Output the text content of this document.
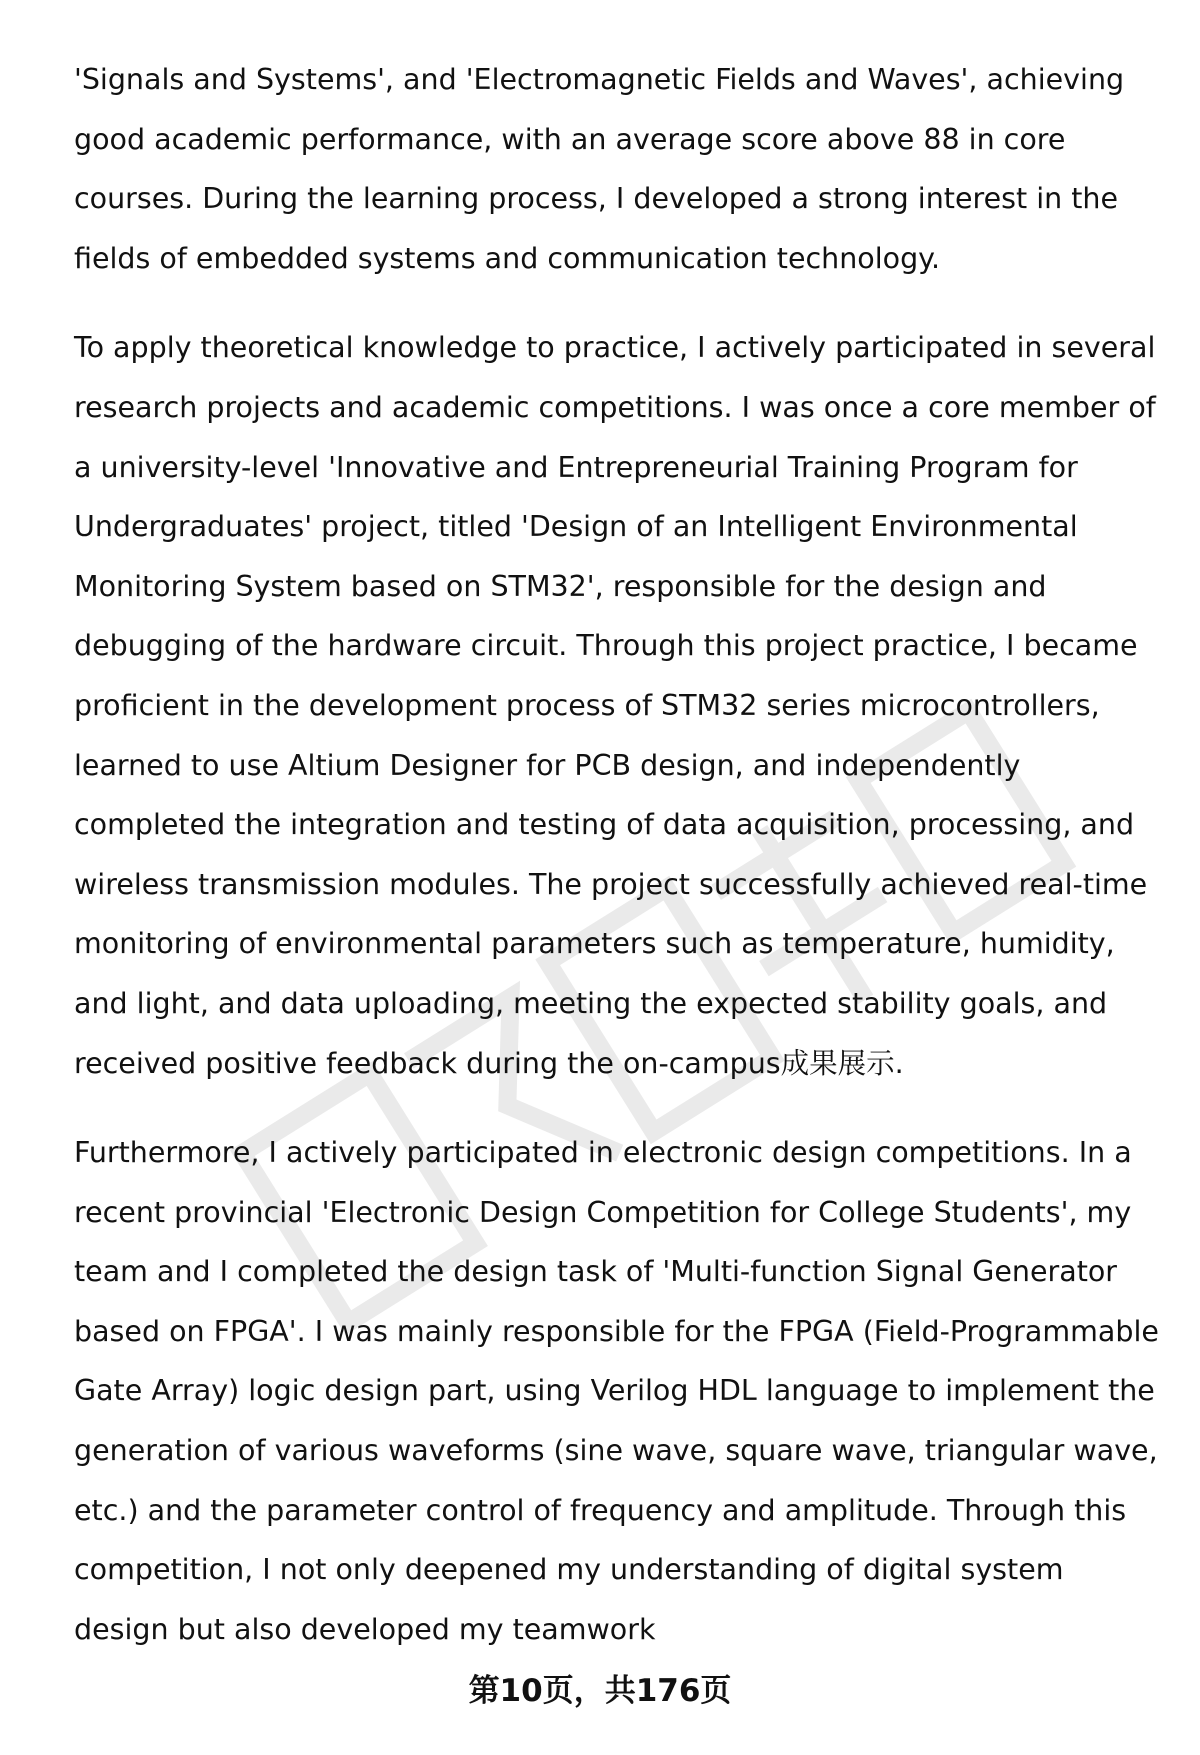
'Signals and Systems', and 'Electromagnetic Fields and Waves', achieving good academic performance, with an average score above 88 in core courses. During the learning process, I developed a strong interest in the fields of embedded systems and communication technology.

To apply theoretical knowledge to practice, I actively participated in several research projects and academic competitions. I was once a core member of a university-level 'Innovative and Entrepreneurial Training Program for Undergraduates' project, titled 'Design of an Intelligent Environmental Monitoring System based on STM32', responsible for the design and debugging of the hardware circuit. Through this project practice, I became proficient in the development process of STM32 series microcontrollers, learned to use Altium Designer for PCB design, and independently completed the integration and testing of data acquisition, processing, and wireless transmission modules. The project successfully achieved real-time monitoring of environmental parameters such as temperature, humidity, and light, and data uploading, meeting the expected stability goals, and received positive feedback during the on-campus成果展示.

Furthermore, I actively participated in electronic design competitions. In a recent provincial 'Electronic Design Competition for College Students', my team and I completed the design task of 'Multi-function Signal Generator based on FPGA'. I was mainly responsible for the FPGA (Field-Programmable Gate Array) logic design part, using Verilog HDL language to implement the generation of various waveforms (sine wave, square wave, triangular wave, etc.) and the parameter control of frequency and amplitude. Through this competition, I not only deepened my understanding of digital system design but also developed my teamwork

第10页，共176页
